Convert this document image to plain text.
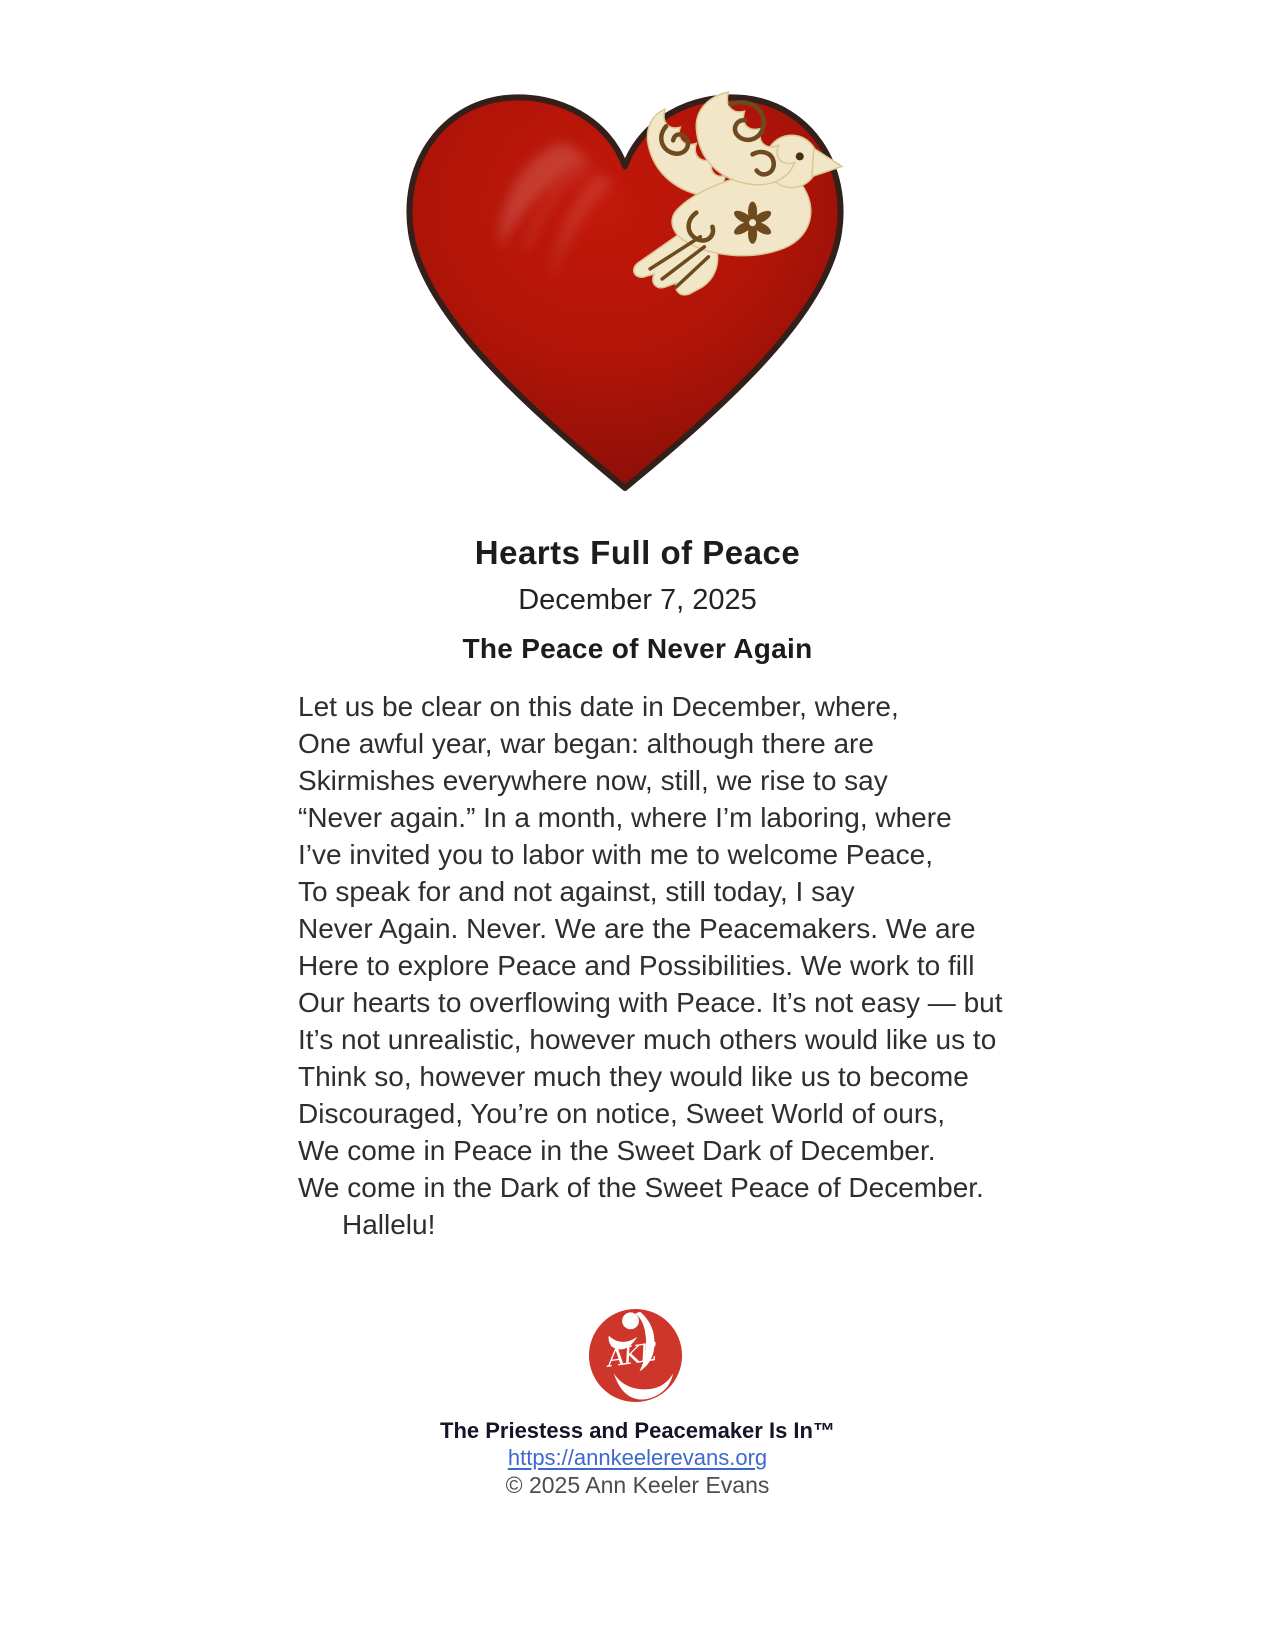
Hearts Full of Peace
December 7, 2025
The Peace of Never Again
Let us be clear on this date in December, where,
One awful year, war began: although there are
Skirmishes everywhere now, still, we rise to say
“Never again.” In a month, where I’m laboring, where
I’ve invited you to labor with me to welcome Peace,
To speak for and not against, still today, I say
Never Again. Never. We are the Peacemakers. We are
Here to explore Peace and Possibilities. We work to fill
Our hearts to overflowing with Peace. It’s not easy — but
It’s not unrealistic, however much others would like us to
Think so, however much they would like us to become
Discouraged, You’re on notice, Sweet World of ours,
We come in Peace in the Sweet Dark of December.
We come in the Dark of the Sweet Peace of December.
Hallelu!
AKE
The Priestess and Peacemaker Is In™
https://annkeelerevans.org
© 2025 Ann Keeler Evans
